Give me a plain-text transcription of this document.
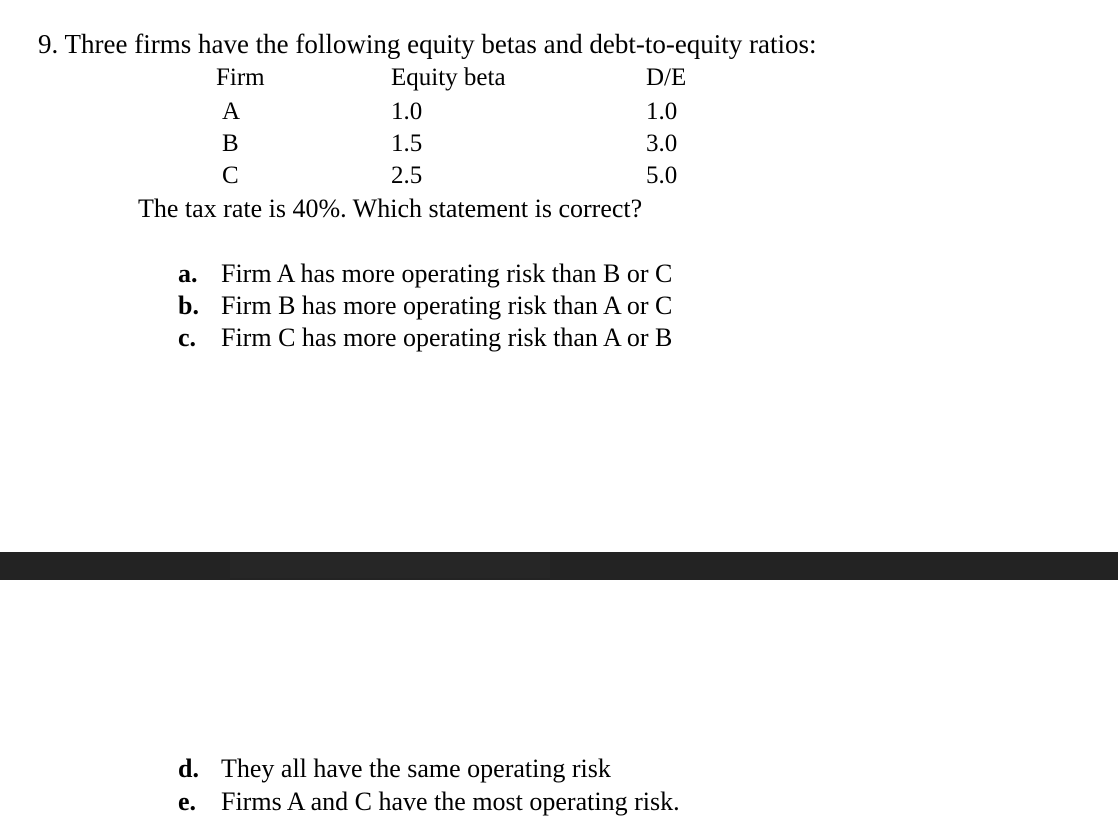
9. Three firms have the following equity betas and debt-to-equity ratios:
Firm	Equity beta	D/E
A	1.0	1.0
B	1.5	3.0
C	2.5	5.0
The tax rate is 40%. Which statement is correct?
a. Firm A has more operating risk than B or C
b. Firm B has more operating risk than A or C
c. Firm C has more operating risk than A or B
d. They all have the same operating risk
e. Firms A and C have the most operating risk.
